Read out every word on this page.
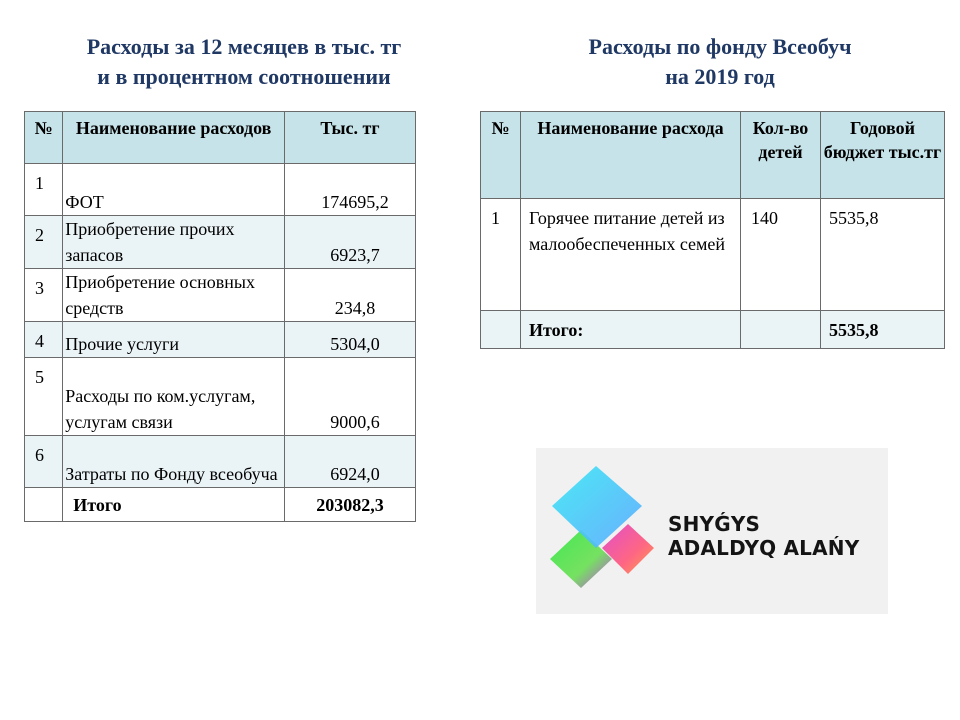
Расходы за 12 месяцев в тыс. тг
и в процентном соотношении
Расходы по фонду Всеобуч
на 2019 год
№	Наименование расходов	Тыс. тг
1	ФОТ	174695,2
2	Приобретение прочих запасов	6923,7
3	Приобретение основных средств	234,8
4	Прочие услуги	5304,0
5	Расходы по ком.услугам, услугам связи	9000,6
6	Затраты по Фонду всеобуча	6924,0
	Итого	203082,3
№	Наименование расхода	Кол-во детей	Годовой бюджет тыс.тг
1	Горячее питание детей из малообеспеченных семей	140	5535,8
	Итого:		5535,8
SHYǴYS
ADALDYQ ALAŃY
